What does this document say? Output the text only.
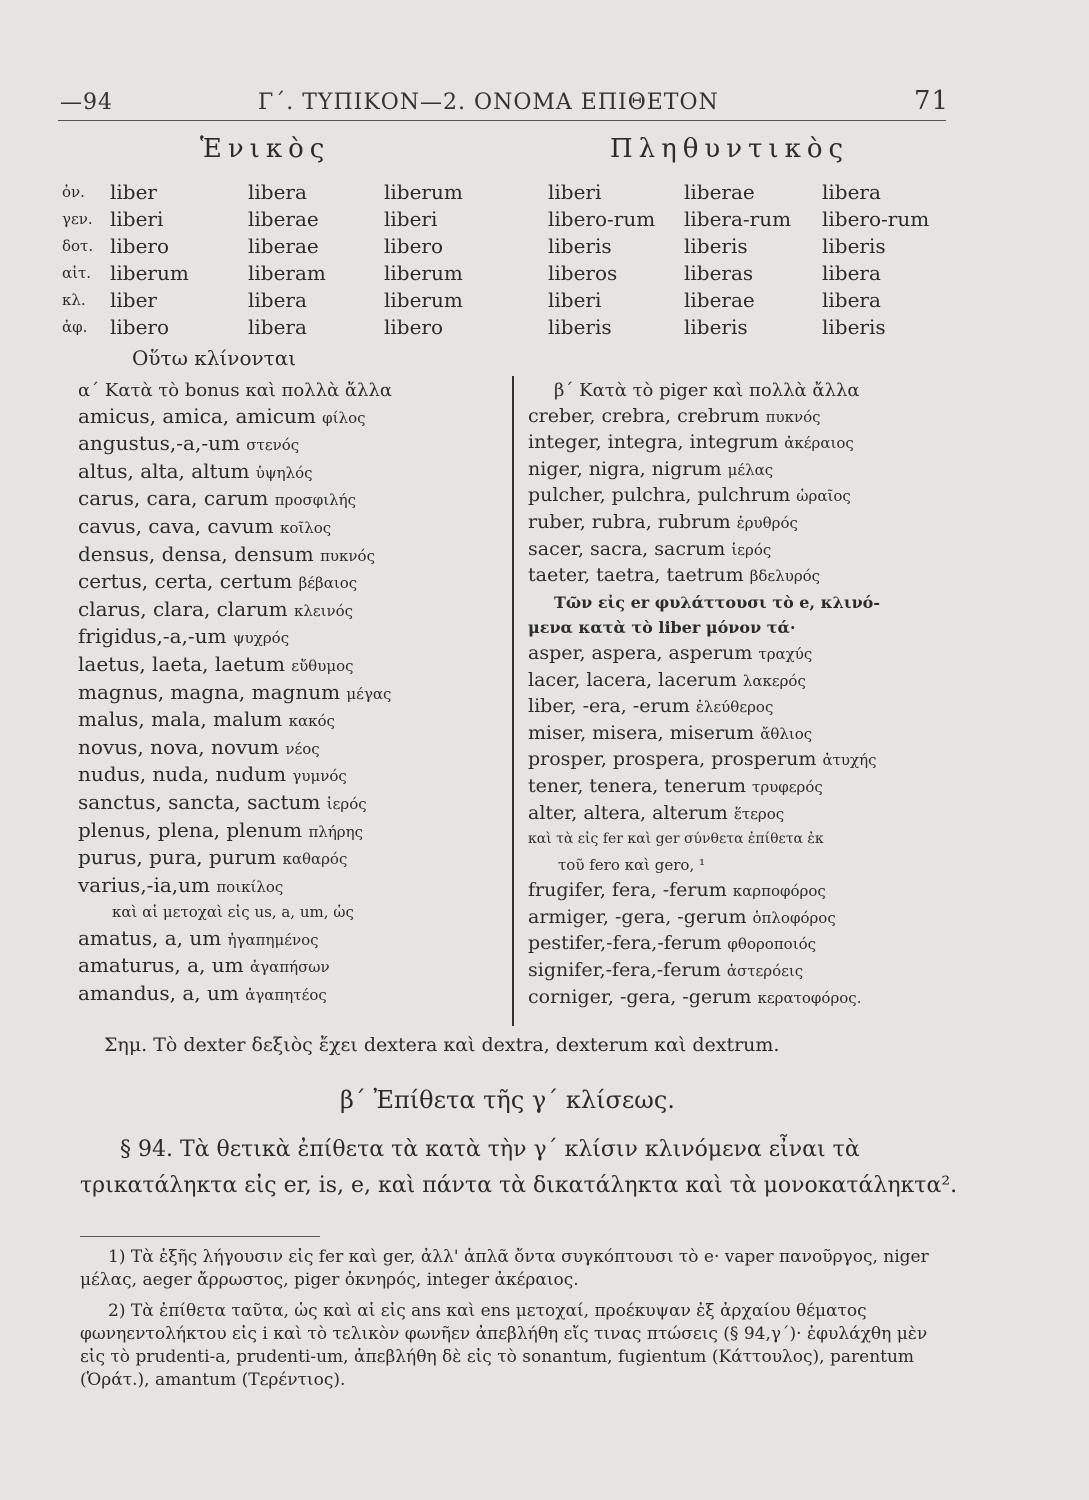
—94	Γ΄. ΤΥΠΙΚΟΝ—2. ΟΝΟΜΑ ΕΠΙΘΕΤΟΝ	71
Ἑνικὸς	Πληθυντικὸς
ὀν. liber	libera	liberum	liberi	liberae	libera
γεν. liberi	liberae	liberi	libero-rum libera-rum libero-rum
δοτ. libero	liberae	libero	liberis	liberis	liberis
αἰτ. liberum	liberam	liberum	liberos	liberas	libera
κλ. liber	libera	liberum	liberi	liberae	libera
ἀφ. libero	libera	libero	liberis	liberis	liberis
Οὕτω κλίνονται
α΄ Κατὰ τὸ bonus καὶ πολλὰ ἄλλα
amicus, amica, amicum φίλος
angustus,-a,-um στενός
altus, alta, altum ὑψηλός
carus, cara, carum προσφιλής
cavus, cava, cavum κοῖλος
densus, densa, densum πυκνός
certus, certa, certum βέβαιος
clarus, clara, clarum κλεινός
frigidus,-a,-um ψυχρός
laetus, laeta, laetum εὔθυμος
magnus, magna, magnum μέγας
malus, mala, malum κακός
novus, nova, novum νέος
nudus, nuda, nudum γυμνός
sanctus, sancta, sactum ἱερός
plenus, plena, plenum πλήρης
purus, pura, purum καθαρός
varius,-ia,um ποικίλος
καὶ αἱ μετοχαὶ εἰς us, a, um, ὡς
amatus, a, um ἠγαπημένος
amaturus, a, um ἀγαπήσων
amandus, a, um ἀγαπητέος
β΄ Κατὰ τὸ piger καὶ πολλὰ ἄλλα
creber, crebra, crebrum πυκνός
integer, integra, integrum ἀκέραιος
niger, nigra, nigrum μέλας
pulcher, pulchra, pulchrum ὡραῖος
ruber, rubra, rubrum ἐρυθρός
sacer, sacra, sacrum ἱερός
taeter, taetra, taetrum βδελυρός
Τῶν εἰς er φυλάττουσι τὸ e, κλινό-
μενα κατὰ τὸ liber μόνον τά·
asper, aspera, asperum τραχύς
lacer, lacera, lacerum λακερός
liber, -era, -erum ἐλεύθερος
miser, misera, miserum ἄθλιος
prosper, prospera, prosperum ἀτυχής
tener, tenera, tenerum τρυφερός
alter, altera, alterum ἕτερος
καὶ τὰ εἰς fer καὶ ger σύνθετα ἐπίθετα ἐκ
τοῦ fero καὶ gero, ¹
frugifer, fera, -ferum καρποφόρος
armiger, -gera, -gerum ὁπλοφόρος
pestifer,-fera,-ferum φθοροποιός
signifer,-fera,-ferum ἀστερόεις
corniger, -gera, -gerum κερατοφόρος.
Σημ. Τὸ dexter δεξιὸς ἔχει dextera καὶ dextra, dexterum καὶ dextrum.
β΄ Ἐπίθετα τῆς γ΄ κλίσεως.
§ 94. Τὰ θετικὰ ἐπίθετα τὰ κατὰ τὴν γ΄ κλίσιν κλινόμενα εἶναι τὰ τρικατάληκτα εἰς er, is, e, καὶ πάντα τὰ δικατάληκτα καὶ τὰ μονοκατάληκτα².
1) Τὰ ἑξῆς λήγουσιν εἰς fer καὶ ger, ἀλλ' ἁπλᾶ ὄντα συγκόπτουσι τὸ e· vaper πανοῦργος, niger μέλας, aeger ἄρρωστος, piger ὀκνηρός, integer ἀκέραιος.
2) Τὰ ἐπίθετα ταῦτα, ὡς καὶ αἱ εἰς ans καὶ ens μετοχαί, προέκυψαν ἐξ ἀρχαίου θέματος φωνηεντολήκτου εἰς i καὶ τὸ τελικὸν φωνῆεν ἀπεβλήθη εἴς τινας πτώσεις (§ 94,γ΄)· ἐφυλάχθη μὲν εἰς τὸ prudenti-a, prudenti-um, ἀπεβλήθη δὲ εἰς τὸ sonantum, fugientum (Κάττουλος), parentum (Ὁράτ.), amantum (Τερέντιος).
